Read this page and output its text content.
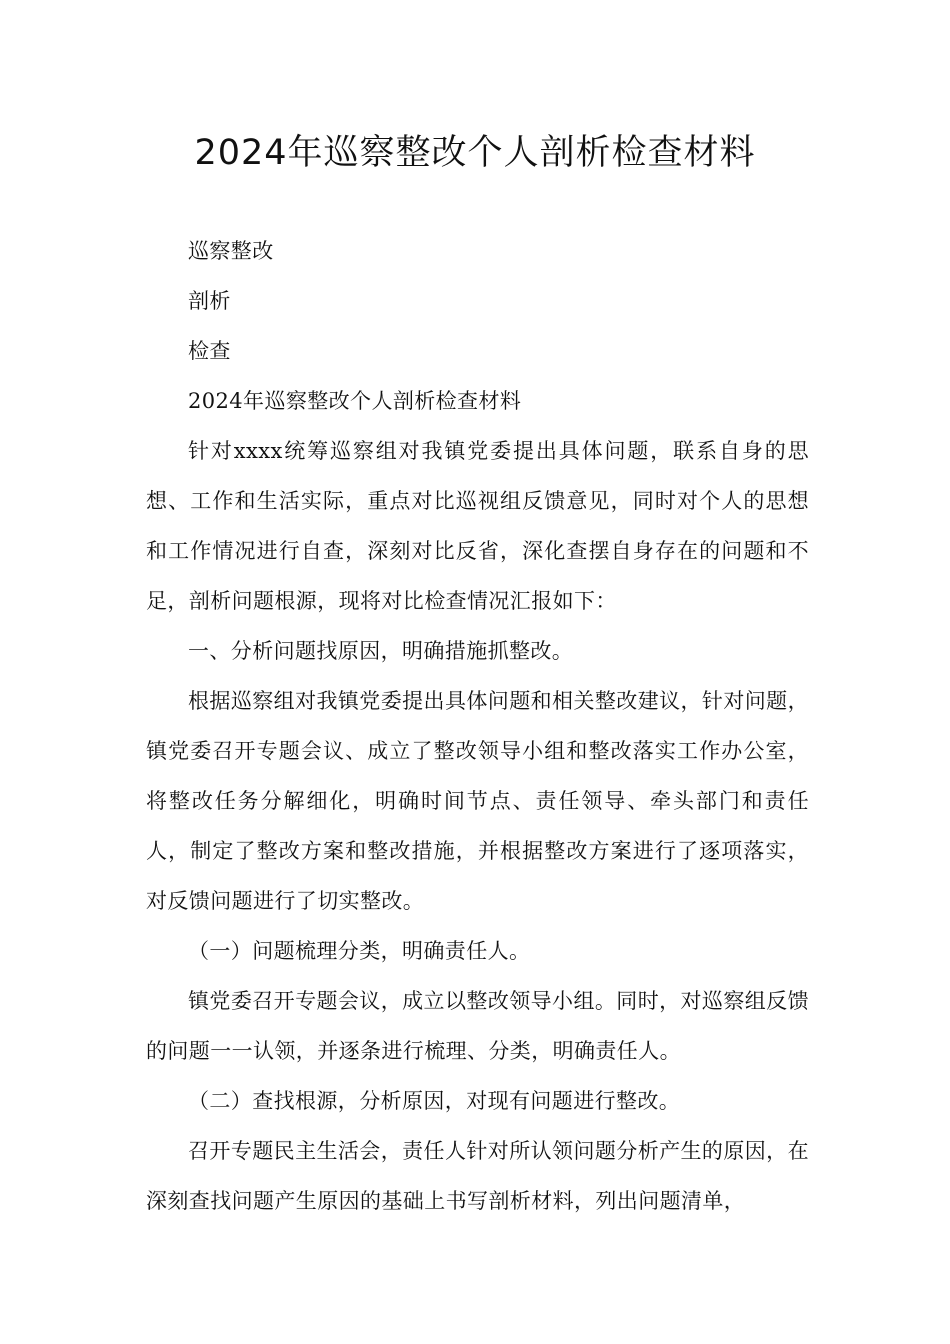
2024年巡察整改个人剖析检查材料

巡察整改

剖析

检查

2024年巡察整改个人剖析检查材料

针对xxxx统筹巡察组对我镇党委提出具体问题，联系自身的思想、工作和生活实际，重点对比巡视组反馈意见，同时对个人的思想和工作情况进行自查，深刻对比反省，深化查摆自身存在的问题和不足，剖析问题根源，现将对比检查情况汇报如下：

一、分析问题找原因，明确措施抓整改。

根据巡察组对我镇党委提出具体问题和相关整改建议，针对问题，镇党委召开专题会议、成立了整改领导小组和整改落实工作办公室，将整改任务分解细化，明确时间节点、责任领导、牵头部门和责任人，制定了整改方案和整改措施，并根据整改方案进行了逐项落实，对反馈问题进行了切实整改。

（一）问题梳理分类，明确责任人。

镇党委召开专题会议，成立以整改领导小组。同时，对巡察组反馈的问题一一认领，并逐条进行梳理、分类，明确责任人。

（二）查找根源，分析原因，对现有问题进行整改。

召开专题民主生活会，责任人针对所认领问题分析产生的原因，在深刻查找问题产生原因的基础上书写剖析材料，列出问题清单，
